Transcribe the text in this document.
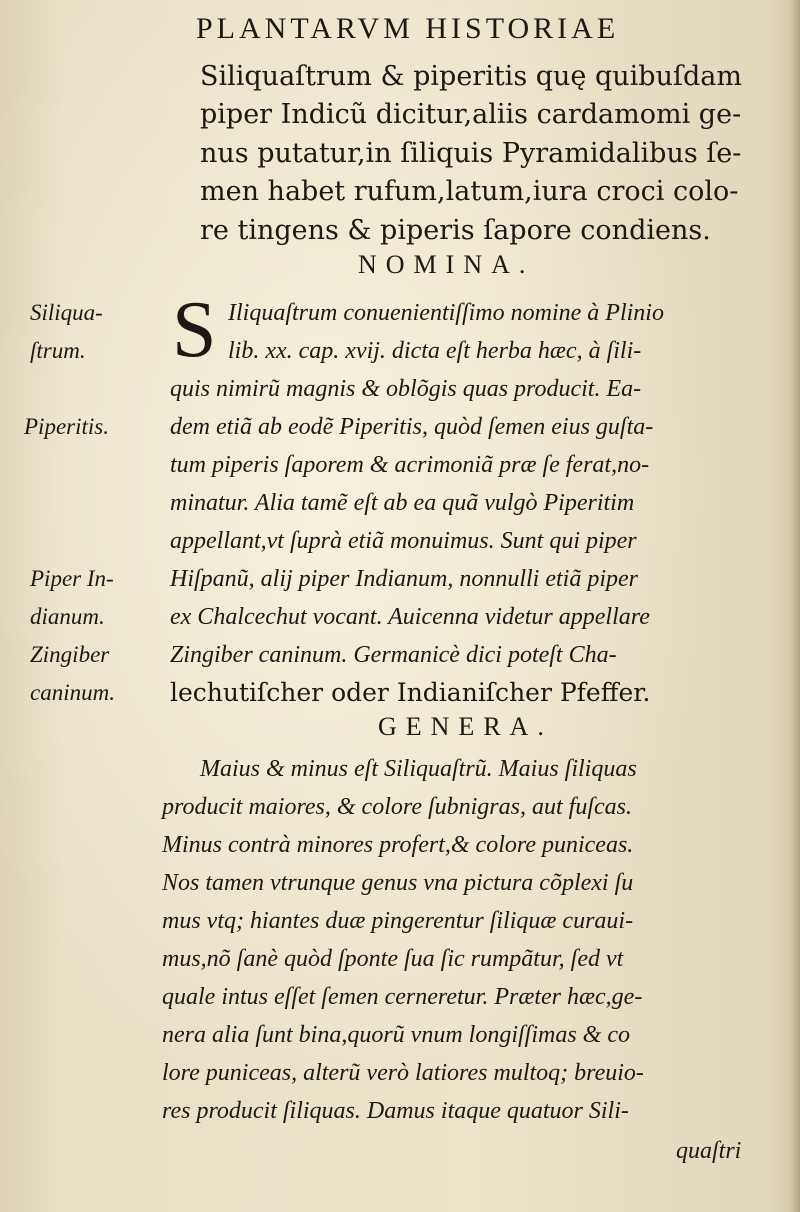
PLANTARVM HISTORIAE
Siliquaſtrum & piperitis quę quibuſdam
piper Indicũ dicitur,aliis cardamomi ge-
nus putatur,in ſiliquis Pyramidalibus ſe-
men habet rufum,latum,iura croci colo-
re tingens & piperis ſapore condiens.
NOMINA.
S Iliquaſtrum conuenientiſſimo nomine à Plinio
lib. xx. cap. xvij. dicta eſt herba hæc, à ſili-
quis nimirũ magnis & oblõgis quas producit. Ea-
dem etiã ab eodẽ Piperitis, quòd ſemen eius guſta-
tum piperis ſaporem & acrimoniã præ ſe ferat,no-
minatur. Alia tamẽ eſt ab ea quã vulgò Piperitim
appellant,vt ſuprà etiã monuimus. Sunt qui piper
Hiſpanũ, alij piper Indianum, nonnulli etiã piper
ex Chalcechut vocant. Auicenna videtur appellare
Zingiber caninum. Germanicè dici poteſt Cha-
lechutiſcher oder Indianiſcher Pfeffer.
Siliqua-
ſtrum.
Piperitis.
Piper In-
dianum.
Zingiber
caninum.
GENERA.
Maius & minus eſt Siliquaſtrũ. Maius ſiliquas
producit maiores, & colore ſubnigras, aut fuſcas.
Minus contrà minores profert,& colore puniceas.
Nos tamen vtrunque genus vna pictura cõplexi ſu
mus vtq; hiantes duæ pingerentur ſiliquæ curaui-
mus,nõ ſanè quòd ſponte ſua ſic rumpãtur, ſed vt
quale intus eſſet ſemen cerneretur. Præter hæc,ge-
nera alia ſunt bina,quorũ vnum longiſſimas & co
lore puniceas, alterũ verò latiores multoq; breuio-
res producit ſiliquas. Damus itaque quatuor Sili-
quaſtri
